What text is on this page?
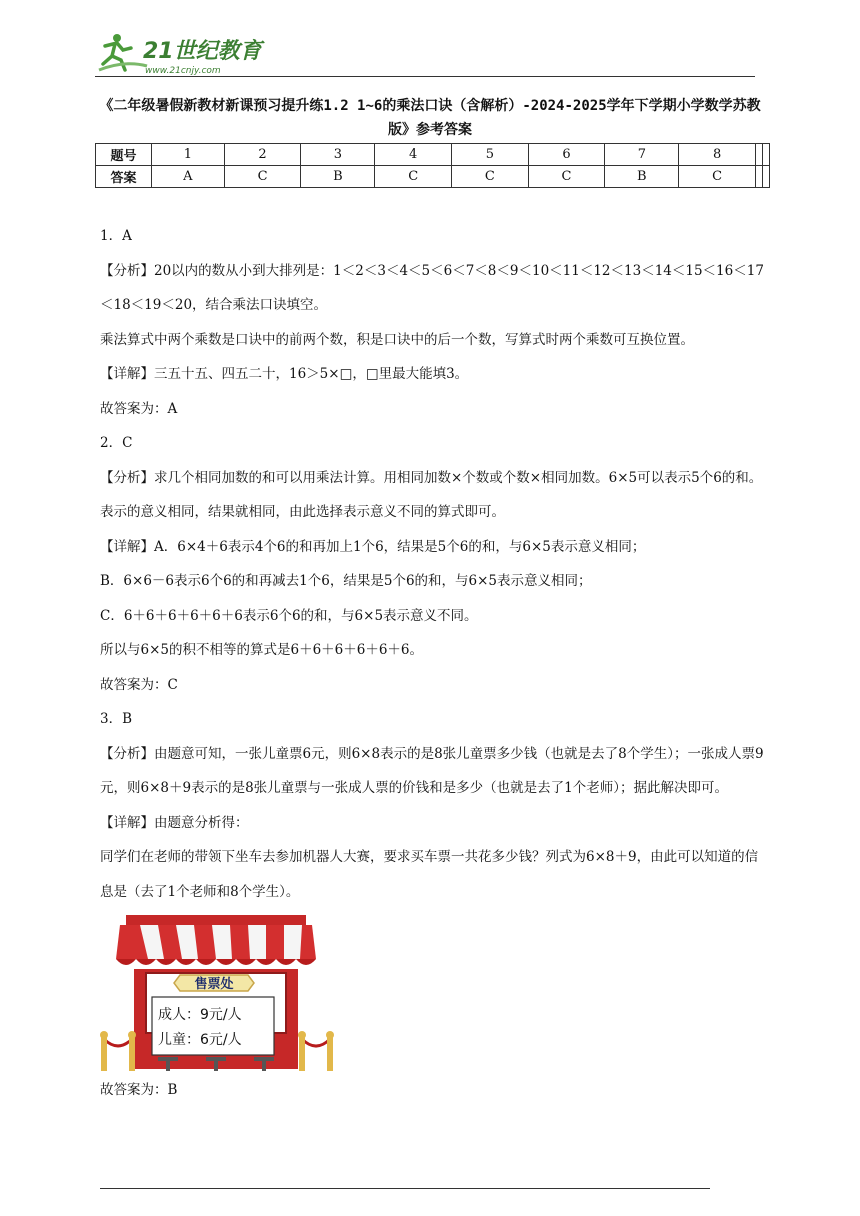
21世纪教育
www.21cnjy.com
《二年级暑假新教材新课预习提升练1.2 1~6的乘法口诀（含解析）-2024-2025学年下学期小学数学苏教版》参考答案
题号	1	2	3	4	5	6	7	8		
答案	A	C	B	C	C	C	B	C		

1．A

【分析】20以内的数从小到大排列是：1＜2＜3＜4＜5＜6＜7＜8＜9＜10＜11＜12＜13＜14＜15＜16＜17＜18＜19＜20，结合乘法口诀填空。

乘法算式中两个乘数是口诀中的前两个数，积是口诀中的后一个数，写算式时两个乘数可互换位置。

【详解】三五十五、四五二十，16＞5×□，□里最大能填3。

故答案为：A

2．C

【分析】求几个相同加数的和可以用乘法计算。用相同加数×个数或个数×相同加数。6×5可以表示5个6的和。表示的意义相同，结果就相同，由此选择表示意义不同的算式即可。

【详解】A．6×4＋6表示4个6的和再加上1个6，结果是5个6的和，与6×5表示意义相同；

B．6×6－6表示6个6的和再减去1个6，结果是5个6的和，与6×5表示意义相同；

C．6＋6＋6＋6＋6＋6表示6个6的和，与6×5表示意义不同。

所以与6×5的积不相等的算式是6＋6＋6＋6＋6＋6。

故答案为：C

3．B

【分析】由题意可知，一张儿童票6元，则6×8表示的是8张儿童票多少钱（也就是去了8个学生）；一张成人票9元，则6×8＋9表示的是8张儿童票与一张成人票的价钱和是多少（也就是去了1个老师）；据此解决即可。

【详解】由题意分析得：

同学们在老师的带领下坐车去参加机器人大赛，要求买车票一共花多少钱？列式为6×8＋9，由此可以知道的信息是（去了1个老师和8个学生）。

售票处
成人：9元/人
儿童：6元/人

故答案为：B
